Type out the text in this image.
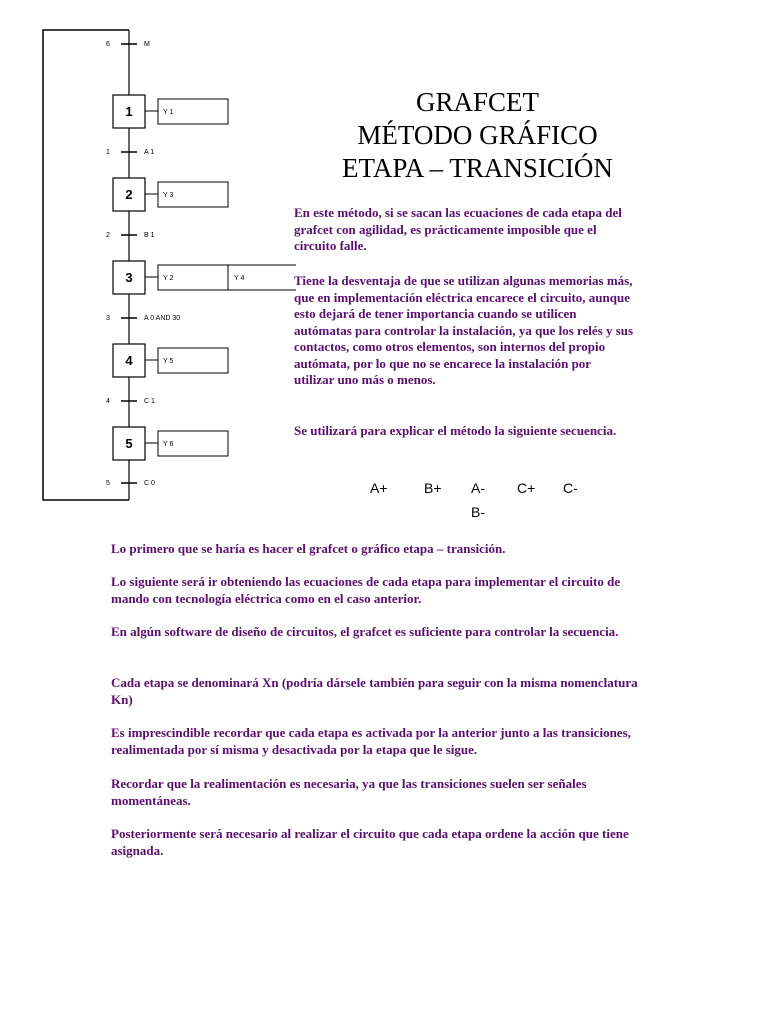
6
1
2
3
4
5
M
A 1
B 1
A 0 AND 30
C 1
C 0
1	Y 1
2	Y 3
3	Y 2	Y 4
4	Y 5
5	Y 6
GRAFCET
MÉTODO GRÁFICO
ETAPA – TRANSICIÓN

En este método, si se sacan las ecuaciones de cada etapa del grafcet con agilidad, es prácticamente imposible que el circuito falle.

Tiene la desventaja de que se utilizan algunas memorias más, que en implementación eléctrica encarece el circuito, aunque esto dejará de tener importancia cuando se utilicen autómatas para controlar la instalación, ya que los relés y sus contactos, como otros elementos, son internos del propio autómata, por lo que no se encarece la instalación por utilizar uno más o menos.

Se utilizará para explicar el método la siguiente secuencia.

A+	B+ A-
B-
C+ C-

Lo primero que se haría es hacer el grafcet o gráfico etapa – transición.

Lo siguiente será ir obteniendo las ecuaciones de cada etapa para implementar el circuito de mando con tecnología eléctrica como en el caso anterior.

En algún software de diseño de circuitos, el grafcet es suficiente para controlar la secuencia.

Cada etapa se denominará Xn (podría dársele también para seguir con la misma nomenclatura Kn)

Es imprescindible recordar que cada etapa es activada por la anterior junto a las transiciones, realimentada por sí misma y desactivada por la etapa que le sigue.

Recordar que la realimentación es necesaria, ya que las transiciones suelen ser señales momentáneas.

Posteriormente será necesario al realizar el circuito que cada etapa ordene la acción que tiene asignada.
